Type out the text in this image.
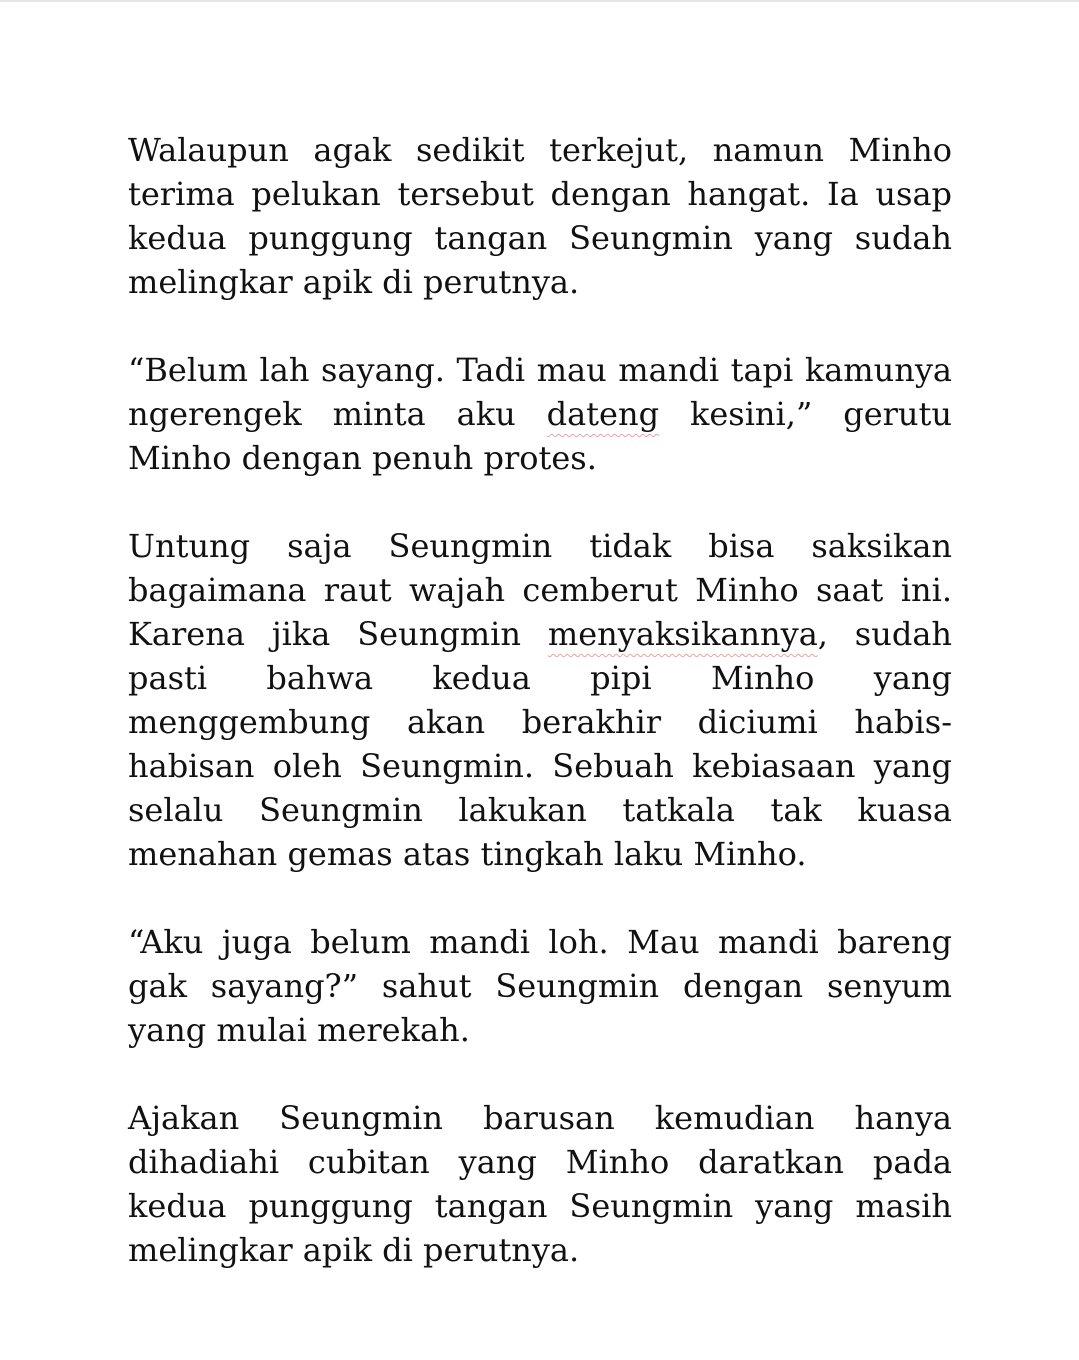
Walaupun agak sedikit terkejut, namun Minho terima pelukan tersebut dengan hangat. Ia usap kedua punggung tangan Seungmin yang sudah melingkar apik di perutnya.

“Belum lah sayang. Tadi mau mandi tapi kamunya ngerengek minta aku dateng kesini,” gerutu Minho dengan penuh protes.

Untung saja Seungmin tidak bisa saksikan bagaimana raut wajah cemberut Minho saat ini. Karena jika Seungmin menyaksikannya, sudah pasti bahwa kedua pipi Minho yang menggembung akan berakhir diciumi habis-habisan oleh Seungmin. Sebuah kebiasaan yang selalu Seungmin lakukan tatkala tak kuasa menahan gemas atas tingkah laku Minho.

“Aku juga belum mandi loh. Mau mandi bareng gak sayang?” sahut Seungmin dengan senyum yang mulai merekah.

Ajakan Seungmin barusan kemudian hanya dihadiahi cubitan yang Minho daratkan pada kedua punggung tangan Seungmin yang masih melingkar apik di perutnya.
